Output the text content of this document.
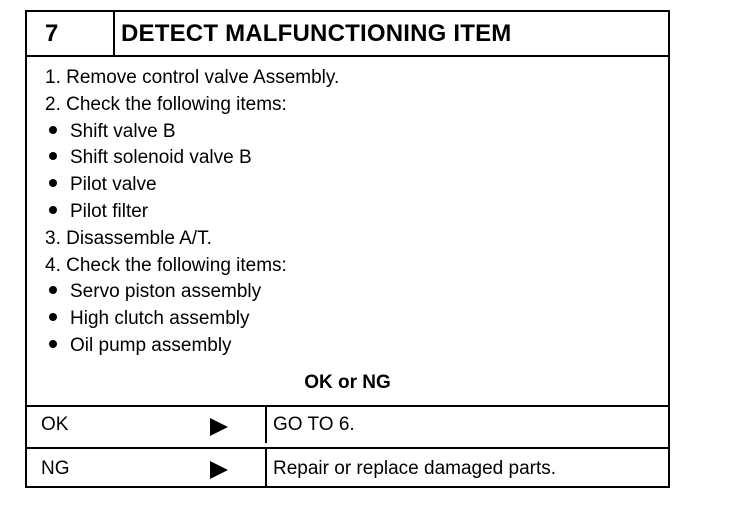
7	DETECT MALFUNCTIONING ITEM
1. Remove control valve Assembly.
2. Check the following items:
Shift valve B
Shift solenoid valve B
Pilot valve
Pilot filter
3. Disassemble A/T.
4. Check the following items:
Servo piston assembly
High clutch assembly
Oil pump assembly
OK or NG
OK	GO TO 6.
NG	Repair or replace damaged parts.
